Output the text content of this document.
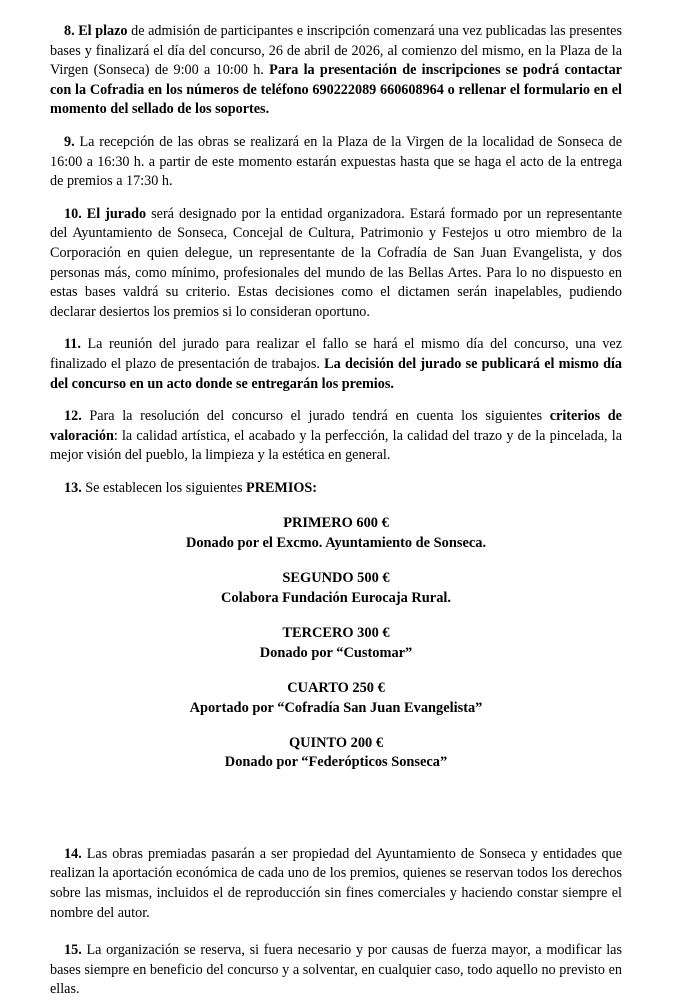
8. El plazo de admisión de participantes e inscripción comenzará una vez publicadas las presentes bases y finalizará el día del concurso, 26 de abril de 2026, al comienzo del mismo, en la Plaza de la Virgen (Sonseca) de 9:00 a 10:00 h. Para la presentación de inscripciones se podrá contactar con la Cofradia en los números de teléfono 690222089 660608964 o rellenar el formulario en el momento del sellado de los soportes.

9. La recepción de las obras se realizará en la Plaza de la Virgen de la localidad de Sonseca de 16:00 a 16:30 h. a partir de este momento estarán expuestas hasta que se haga el acto de la entrega de premios a 17:30 h.

10. El jurado será designado por la entidad organizadora. Estará formado por un representante del Ayuntamiento de Sonseca, Concejal de Cultura, Patrimonio y Festejos u otro miembro de la Corporación en quien delegue, un representante de la Cofradía de San Juan Evangelista, y dos personas más, como mínimo, profesionales del mundo de las Bellas Artes. Para lo no dispuesto en estas bases valdrá su criterio. Estas decisiones como el dictamen serán inapelables, pudiendo declarar desiertos los premios si lo consideran oportuno.

11. La reunión del jurado para realizar el fallo se hará el mismo día del concurso, una vez finalizado el plazo de presentación de trabajos. La decisión del jurado se publicará el mismo día del concurso en un acto donde se entregarán los premios.

12. Para la resolución del concurso el jurado tendrá en cuenta los siguientes criterios de valoración: la calidad artística, el acabado y la perfección, la calidad del trazo y de la pinceladа, la mejor visión del pueblo, la limpieza y la estética en general.

13. Se establecen los siguientes PREMIOS:

PRIMERO 600 €
Donado por el Excmo. Ayuntamiento de Sonseca.
SEGUNDO 500 €
Colabora Fundación Eurocaja Rural.
TERCERO 300 €
Donado por “Customar”
CUARTO 250 €
Aportado por “Cofradía San Juan Evangelista”
QUINTO 200 €
Donado por “Federópticos Sonseca”

14. Las obras premiadas pasarán a ser propiedad del Ayuntamiento de Sonseca y entidades que realizan la aportación económica de cada uno de los premios, quienes se reservan todos los derechos sobre las mismas, incluidos el de reproducción sin fines comerciales y haciendo constar siempre el nombre del autor.

15. La organización se reserva, si fuera necesario y por causas de fuerza mayor, a modificar las bases siempre en beneficio del concurso y a solventar, en cualquier caso, todo aquello no previsto en ellas.
